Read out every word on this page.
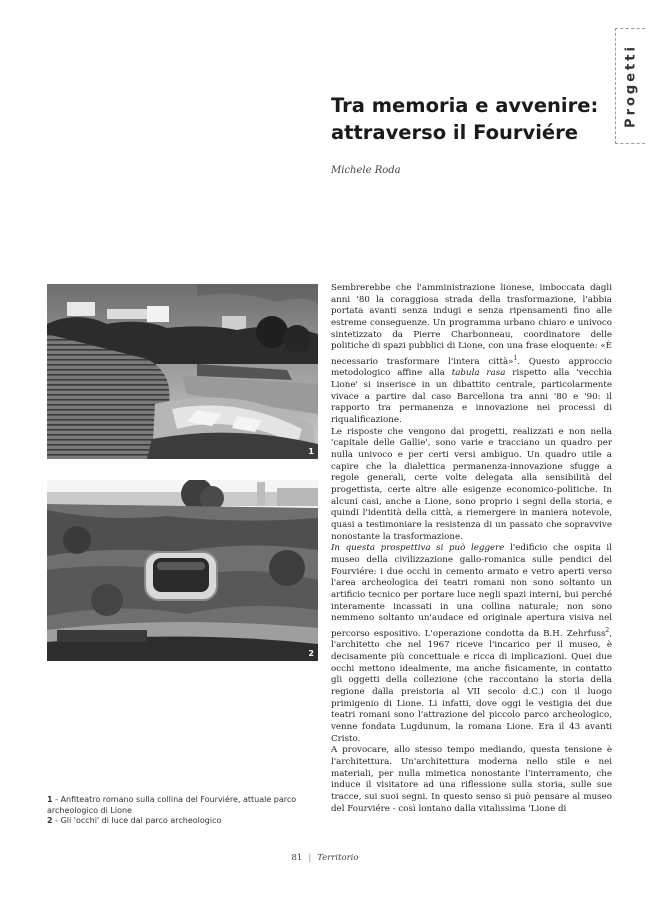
Progetti
Tra memoria e avvenire:
attraverso il Fourviére
Michele Roda
1
2
1 - Anfiteatro romano sulla collina del Fourviére, attuale parco archeologico di Lione
2 - Gli 'occhi' di luce dal parco archeologico

Sembrerebbe che l'amministrazione lionese, imboccata dagli anni '80 la coraggiosa strada della trasformazione, l'abbia portata avanti senza indugi e senza ripensamenti fino alle estreme conseguenze. Un programma urbano chiaro e univoco sintetizzato da Pierre Charbonneau, coordinatore delle politiche di spazi pubblici di Lione, con una frase eloquente: «È necessario trasformare l'intera città»$^1$. Questo approccio metodologico affine alla tabula rasa rispetto alla 'vecchia Lione' si inserisce in un dibattito centrale, particolarmente vivace a partire dal caso Barcellona tra anni '80 e '90: il rapporto tra permanenza e innovazione nei processi di riqualificazione.

Le risposte che vengono dai progetti, realizzati e non nella 'capitale delle Gallie', sono varie e tracciano un quadro per nulla univoco e per certi versi ambiguo. Un quadro utile a capire che la dialettica permanenza-innovazione sfugge a regole generali, certe volte delegata alla sensibilità del progettista, certe altre alle esigenze economico-politiche. In alcuni casi, anche a Lione, sono proprio i segni della storia, e quindi l'identità della città, a riemergere in maniera notevole, quasi a testimoniare la resistenza di un passato che sopravvive nonostante la trasformazione.

In questa prospettiva si può leggere l'edificio che ospita il museo della civilizzazione gallo-romanica sulle pendici del Fourviére: i due occhi in cemento armato e vetro aperti verso l'area archeologica dei teatri romani non sono soltanto un artificio tecnico per portare luce negli spazi interni, bui perché interamente incassati in una collina naturale; non sono nemmeno soltanto un'audace ed originale apertura visiva nel percorso espositivo. L'operazione condotta da B.H. Zehrfuss$^2$, l'architetto che nel 1967 riceve l'incarico per il museo, è decisamente più concettuale e ricca di implicazioni. Quei due occhi mettono idealmente, ma anche fisicamente, in contatto gli oggetti della collezione (che raccontano la storia della regione dalla preistoria al VII secolo d.C.) con il luogo primigenio di Lione. Li infatti, dove oggi le vestigia dei due teatri romani sono l'attrazione del piccolo parco archeologico, venne fondata Lugdunum, la romana Lione. Era il 43 avanti Cristo.

A provocare, allo stesso tempo mediando, questa tensione è l'architettura. Un'architettura moderna nello stile e nei materiali, per nulla mimetica nonostante l'interramento, che induce il visitatore ad una riflessione sulla storia, sulle sue tracce, sui suoi segni. In questo senso si può pensare al museo del Fourviére - così lontano dalla vitalissima 'Lione di

81 | Territorio
